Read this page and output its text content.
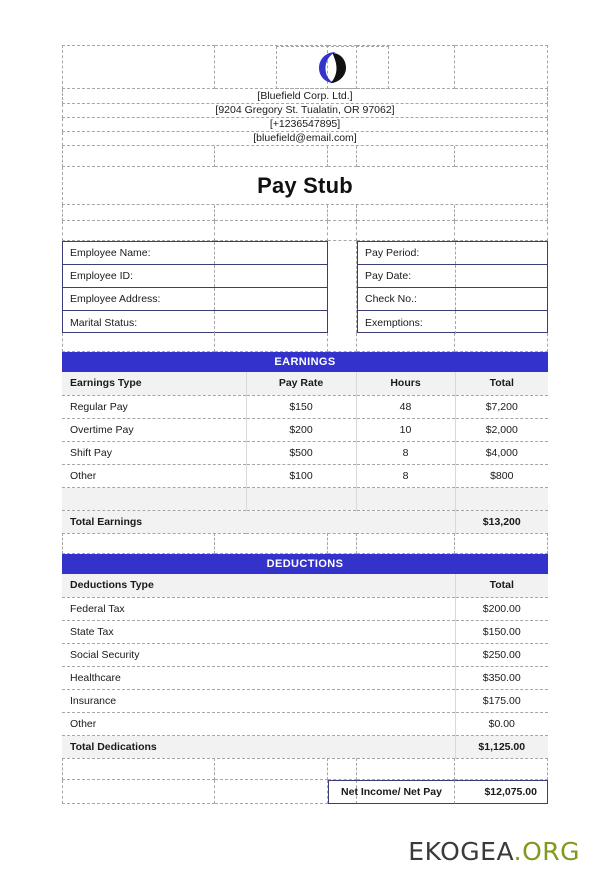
[Bluefield Corp. Ltd.]
[9204 Gregory St. Tualatin, OR 97062]
[+1236547895]
[bluefield@email.com]
Pay Stub
Employee Name:
Employee ID:
Employee Address:
Marital Status:
Pay Period:
Pay Date:
Check No.:
Exemptions:
EARNINGS
Earnings Type	Pay Rate	Hours	Total
Regular Pay	$150	48	$7,200
Overtime Pay	$200	10	$2,000
Shift Pay	$500	8	$4,000
Other	$100	8	$800

Total Earnings			$13,200
DEDUCTIONS
Deductions Type	Total
Federal Tax	$200.00
State Tax	$150.00
Social Security	$250.00
Healthcare	$350.00
Insurance	$175.00
Other	$0.00
Total Dedications	$1,125.00
Net Income/ Net Pay	$12,075.00
EKOGEA.ORG
